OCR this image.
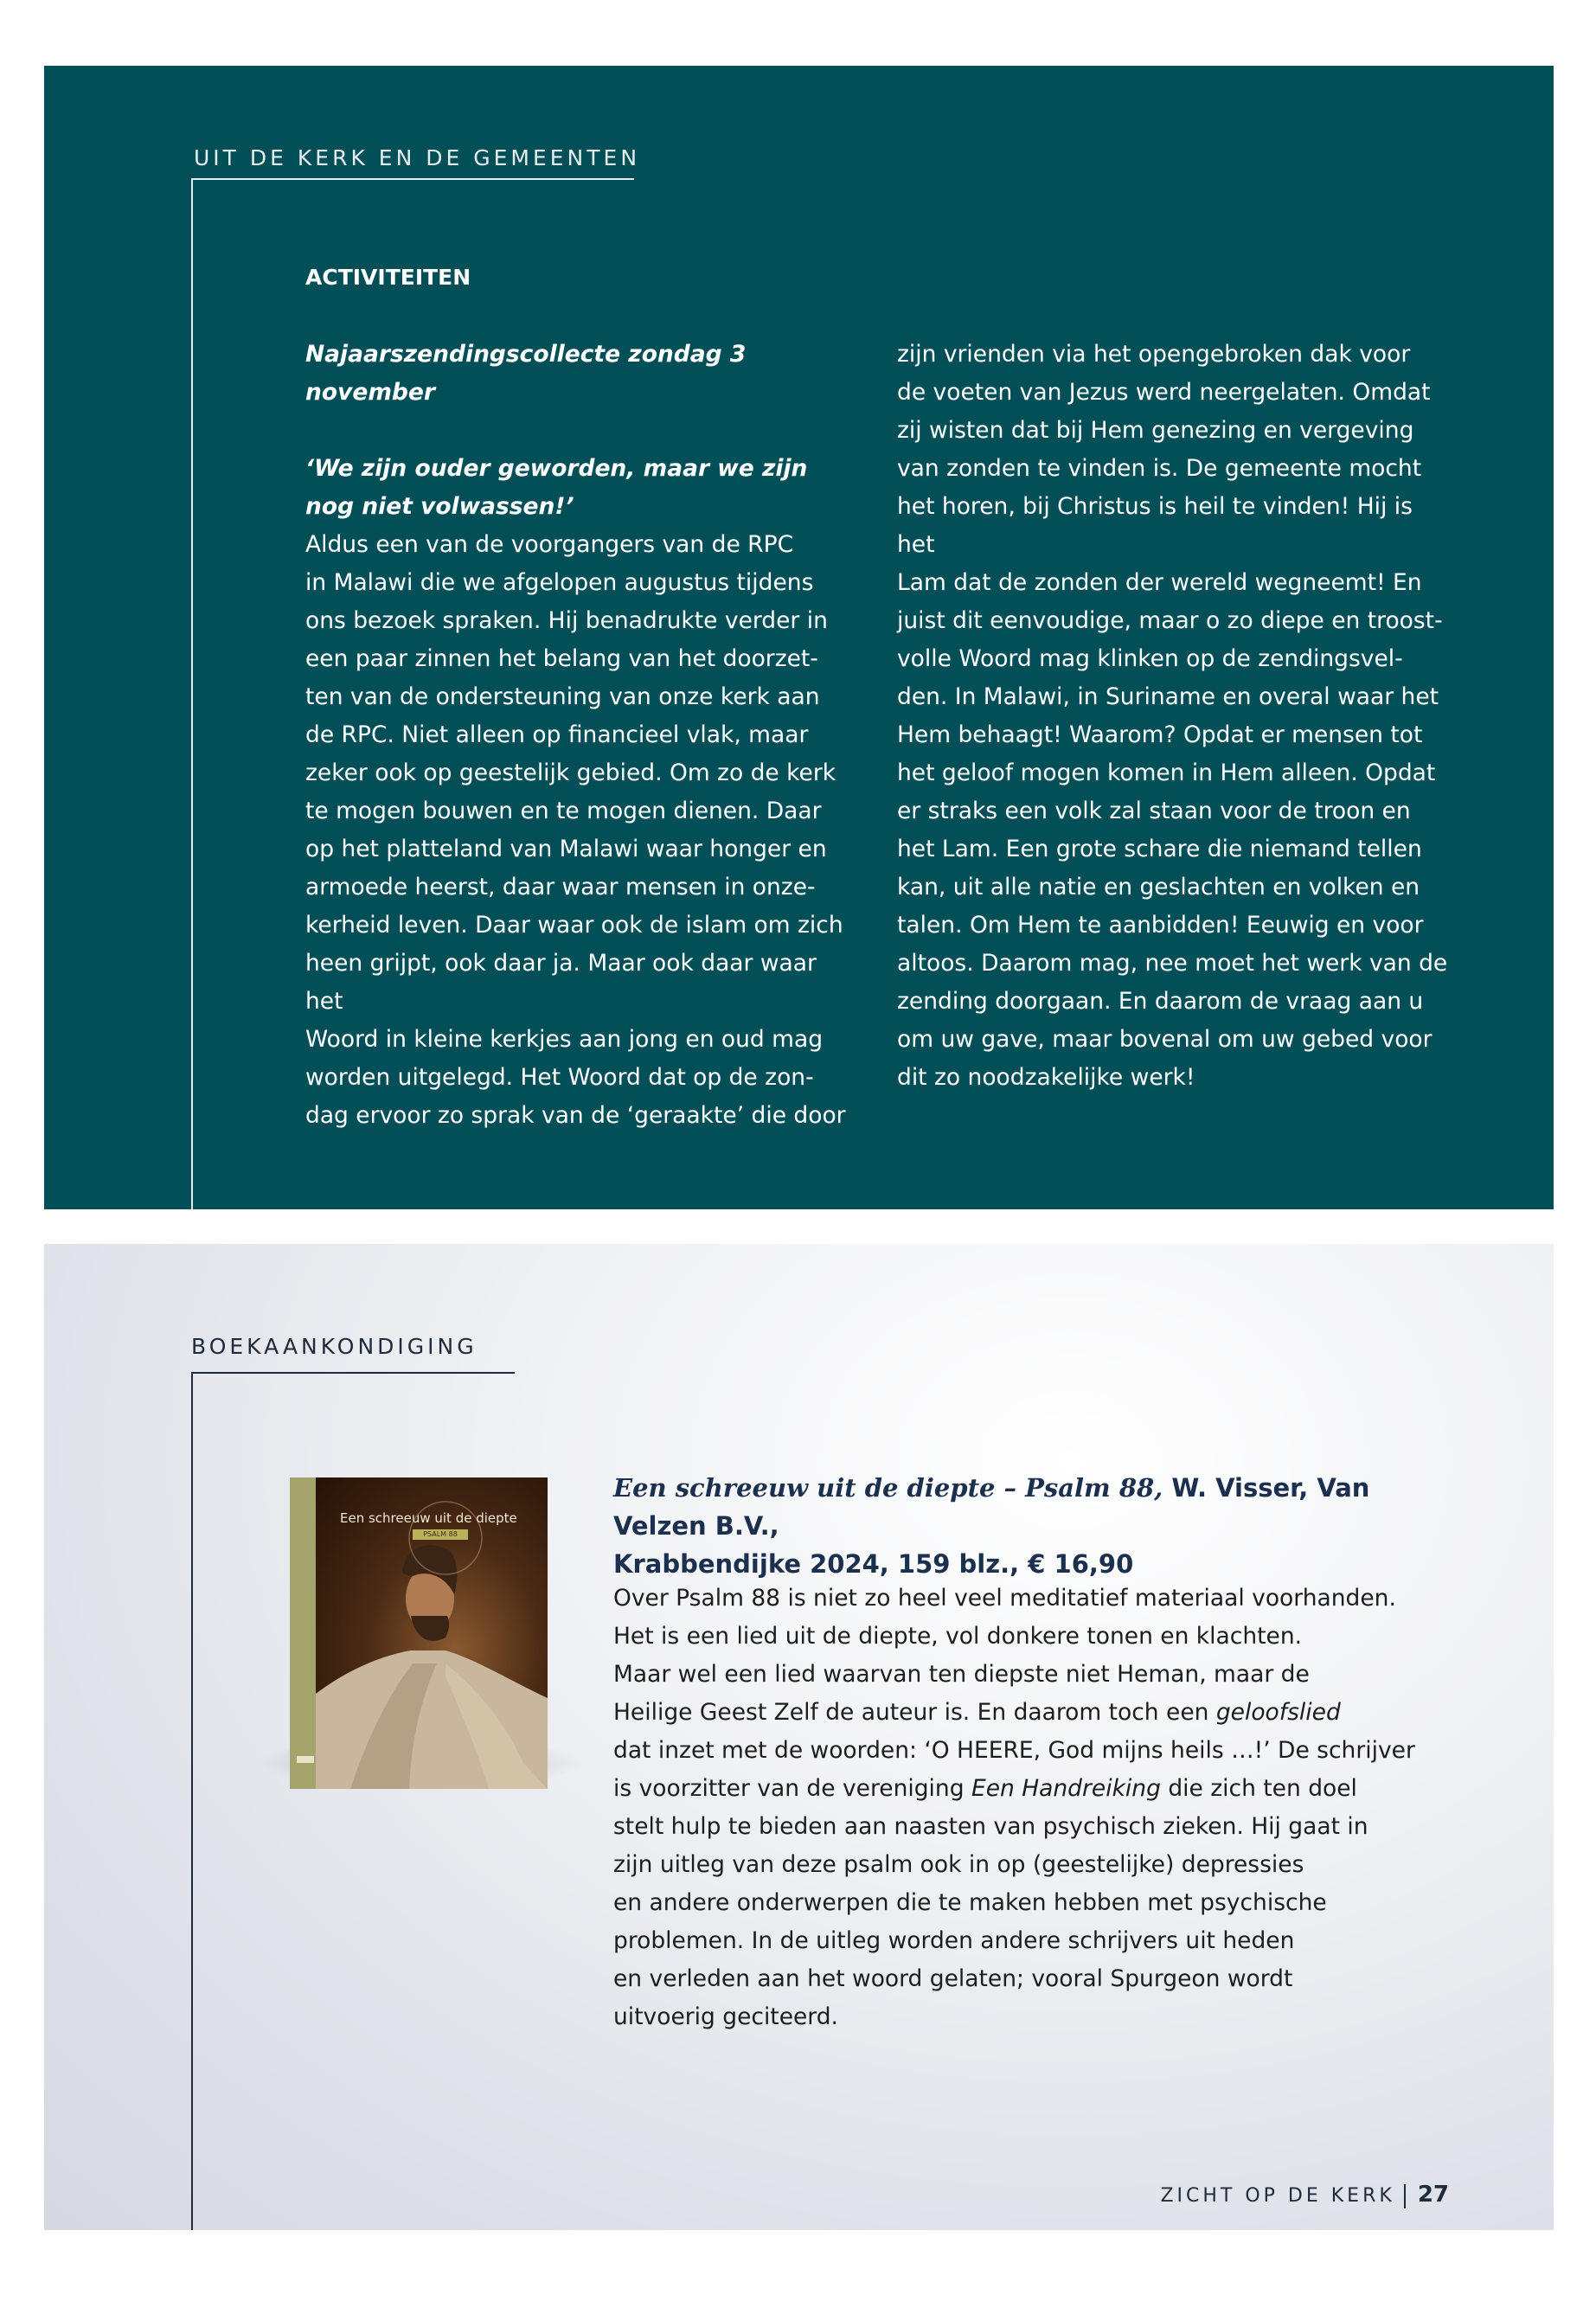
UIT DE KERK EN DE GEMEENTEN
ACTIVITEITEN

Najaarszendingscollecte zondag 3 november

‘We zijn ouder geworden, maar we zijn

nog niet volwassen!’

Aldus een van de voorgangers van de RPC

in Malawi die we afgelopen augustus tijdens

ons bezoek spraken. Hij benadrukte verder in

een paar zinnen het belang van het doorzet-

ten van de ondersteuning van onze kerk aan

de RPC. Niet alleen op financieel vlak, maar

zeker ook op geestelijk gebied. Om zo de kerk

te mogen bouwen en te mogen dienen. Daar

op het platteland van Malawi waar honger en

armoede heerst, daar waar mensen in onze-

kerheid leven. Daar waar ook de islam om zich

heen grijpt, ook daar ja. Maar ook daar waar het

Woord in kleine kerkjes aan jong en oud mag

worden uitgelegd. Het Woord dat op de zon-

dag ervoor zo sprak van de ‘geraakte’ die door

zijn vrienden via het opengebroken dak voor

de voeten van Jezus werd neergelaten. Omdat

zij wisten dat bij Hem genezing en vergeving

van zonden te vinden is. De gemeente mocht

het horen, bij Christus is heil te vinden! Hij is het

Lam dat de zonden der wereld wegneemt! En

juist dit eenvoudige, maar o zo diepe en troost-

volle Woord mag klinken op de zendingsvel-

den. In Malawi, in Suriname en overal waar het

Hem behaagt! Waarom? Opdat er mensen tot

het geloof mogen komen in Hem alleen. Opdat

er straks een volk zal staan voor de troon en

het Lam. Een grote schare die niemand tellen

kan, uit alle natie en geslachten en volken en

talen. Om Hem te aanbidden! Eeuwig en voor

altoos. Daarom mag, nee moet het werk van de

zending doorgaan. En daarom de vraag aan u

om uw gave, maar bovenal om uw gebed voor

dit zo noodzakelijke werk!

BOEKAANKONDIGING
Een schreeuw uit de diepte
PSALM 88
Een schreeuw uit de diepte – Psalm 88, W. Visser, Van Velzen B.V.,
Krabbendijke 2024, 159 blz., € 16,90

Over Psalm 88 is niet zo heel veel meditatief materiaal voorhanden.

Het is een lied uit de diepte, vol donkere tonen en klachten.

Maar wel een lied waarvan ten diepste niet Heman, maar de

Heilige Geest Zelf de auteur is. En daarom toch een geloofslied

dat inzet met de woorden: ‘O HEERE, God mijns heils …!’ De schrijver

is voorzitter van de vereniging Een Handreiking die zich ten doel

stelt hulp te bieden aan naasten van psychisch zieken. Hij gaat in

zijn uitleg van deze psalm ook in op (geestelijke) depressies

en andere onderwerpen die te maken hebben met psychische

problemen. In de uitleg worden andere schrijvers uit heden

en verleden aan het woord gelaten; vooral Spurgeon wordt

uitvoerig geciteerd.

ZICHT OP DE KERK 27
